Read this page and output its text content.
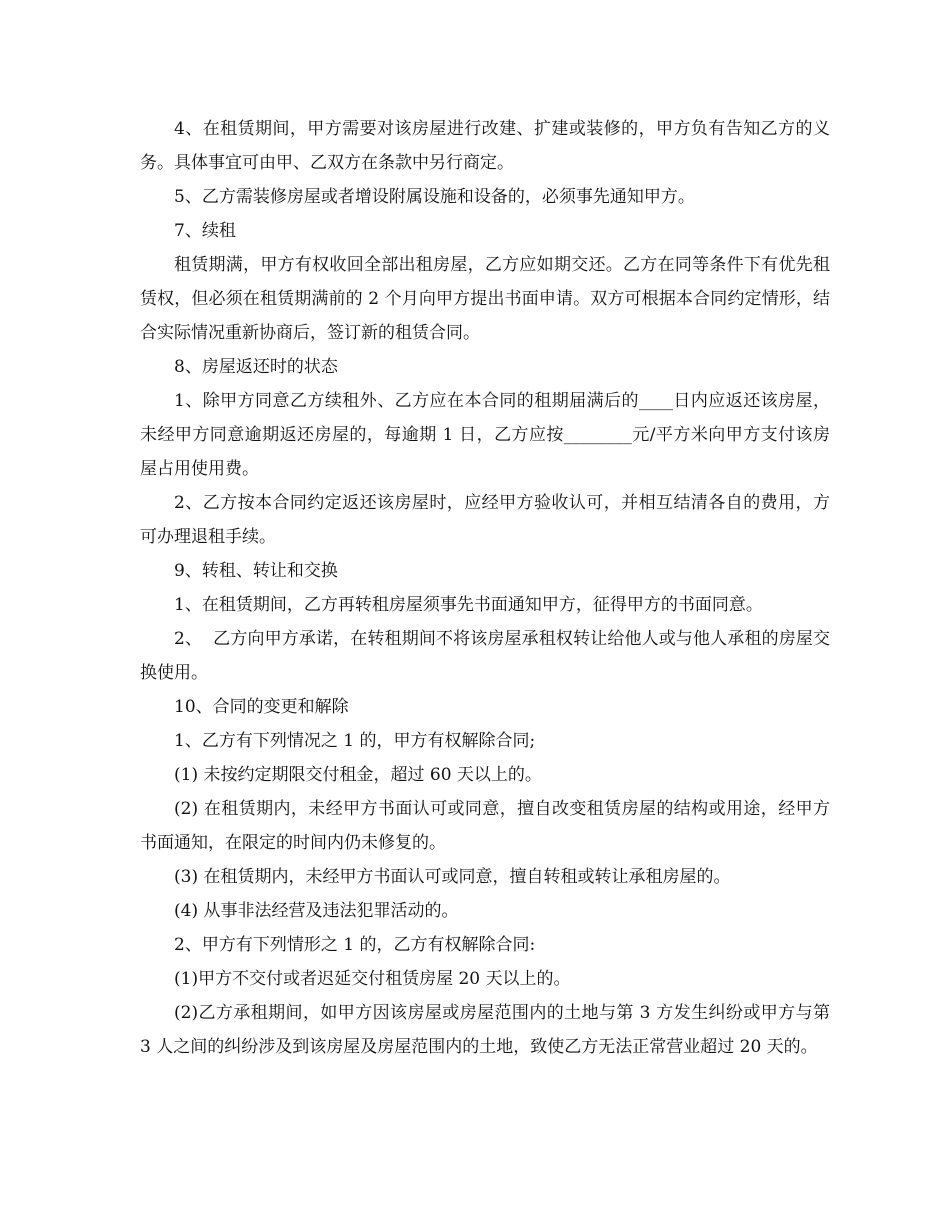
4、在租赁期间，甲方需要对该房屋进行改建、扩建或装修的，甲方负有告知乙方的义务。具体事宜可由甲、乙双方在条款中另行商定。

5、乙方需装修房屋或者增设附属设施和设备的，必须事先通知甲方。

7、续租

租赁期满，甲方有权收回全部出租房屋，乙方应如期交还。乙方在同等条件下有优先租赁权，但必须在租赁期满前的 2 个月向甲方提出书面申请。双方可根据本合同约定情形，结合实际情况重新协商后，签订新的租赁合同。

8、房屋返还时的状态

1、除甲方同意乙方续租外、乙方应在本合同的租期届满后的____日内应返还该房屋，未经甲方同意逾期返还房屋的，每逾期 1 日，乙方应按________元/平方米向甲方支付该房屋占用使用费。

2、乙方按本合同约定返还该房屋时，应经甲方验收认可，并相互结清各自的费用，方可办理退租手续。

9、转租、转让和交换

1、在租赁期间，乙方再转租房屋须事先书面通知甲方，征得甲方的书面同意。

2、  乙方向甲方承诺，在转租期间不将该房屋承租权转让给他人或与他人承租的房屋交换使用。

10、合同的变更和解除

1、乙方有下列情况之 1 的，甲方有权解除合同;

(1) 未按约定期限交付租金，超过 60 天以上的。

(2) 在租赁期内，未经甲方书面认可或同意，擅自改变租赁房屋的结构或用途，经甲方书面通知，在限定的时间内仍未修复的。

(3) 在租赁期内，未经甲方书面认可或同意，擅自转租或转让承租房屋的。

(4) 从事非法经营及违法犯罪活动的。

2、甲方有下列情形之 1 的，乙方有权解除合同:

(1)甲方不交付或者迟延交付租赁房屋 20 天以上的。

(2)乙方承租期间，如甲方因该房屋或房屋范围内的土地与第 3 方发生纠纷或甲方与第 3 人之间的纠纷涉及到该房屋及房屋范围内的土地，致使乙方无法正常营业超过 20 天的。
